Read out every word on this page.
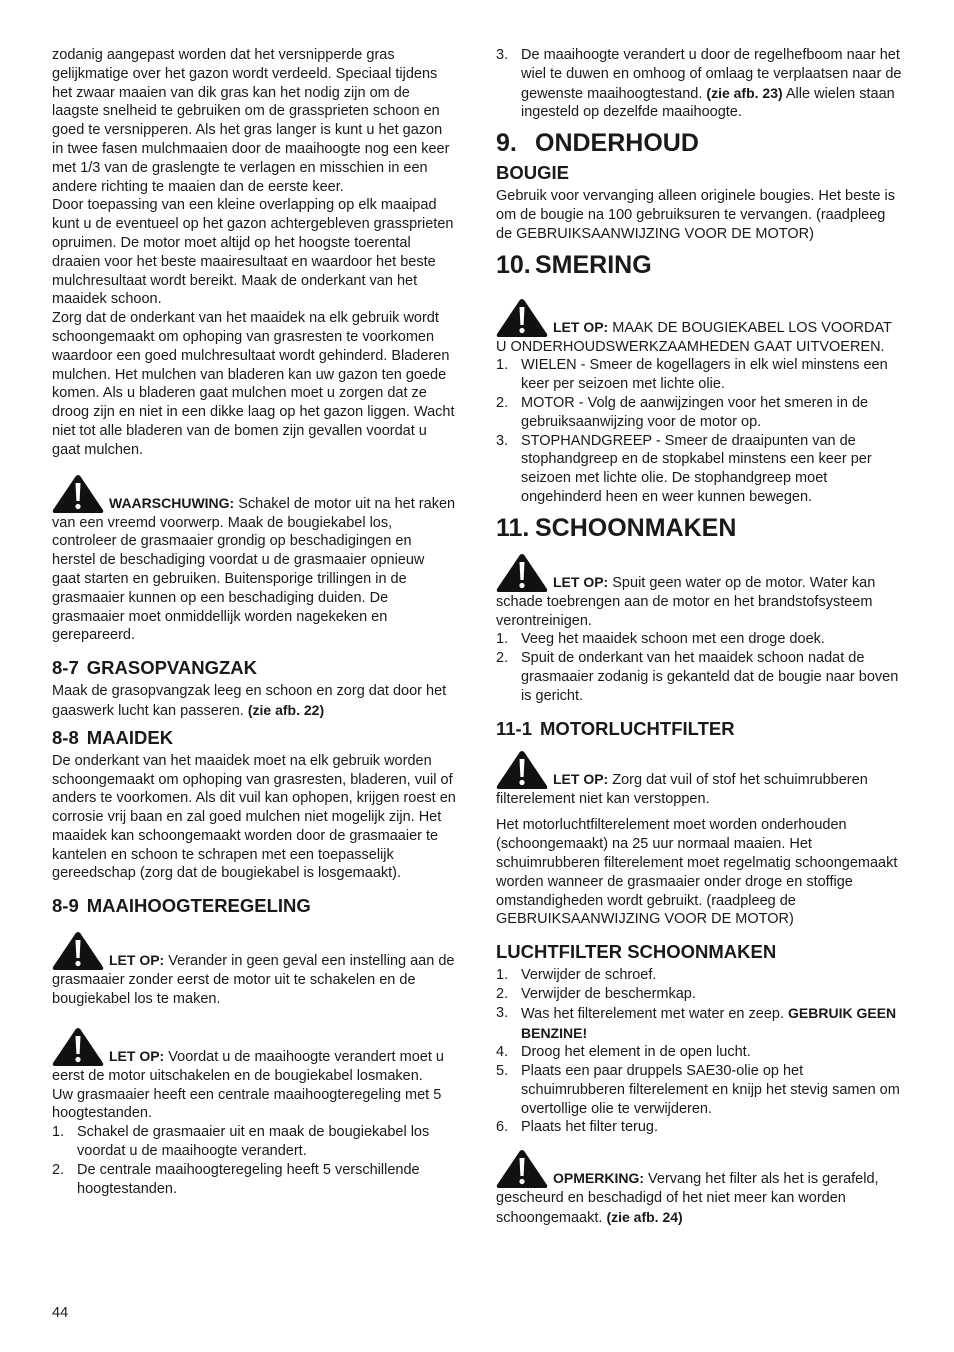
zodanig aangepast worden dat het versnipperde gras gelijkmatige over het gazon wordt verdeeld. Speciaal tijdens het zwaar maaien van dik gras kan het nodig zijn om de laagste snelheid te gebruiken om de grassprieten schoon en goed te versnipperen. Als het gras langer is kunt u het gazon in twee fasen mulchmaaien door de maaihoogte nog een keer met 1/3 van de graslengte te verlagen en misschien in een andere richting te maaien dan de eerste keer.

Door toepassing van een kleine overlapping op elk maaipad kunt u de eventueel op het gazon achtergebleven grassprieten opruimen. De motor moet altijd op het hoogste toerental draaien voor het beste maairesultaat en waardoor het beste mulchresultaat wordt bereikt. Maak de onderkant van het maaidek schoon.

Zorg dat de onderkant van het maaidek na elk gebruik wordt schoongemaakt om ophoping van grasresten te voorkomen waardoor een goed mulchresultaat wordt gehinderd. Bladeren mulchen. Het mulchen van bladeren kan uw gazon ten goede komen. Als u bladeren gaat mulchen moet u zorgen dat ze droog zijn en niet in een dikke laag op het gazon liggen. Wacht niet tot alle bladeren van de bomen zijn gevallen voordat u gaat mulchen.

WAARSCHUWING: Schakel de motor uit na het raken van een vreemd voorwerp. Maak de bougiekabel los, controleer de grasmaaier grondig op beschadigingen en herstel de beschadiging voordat u de grasmaaier opnieuw gaat starten en gebruiken. Buitensporige trillingen in de grasmaaier kunnen op een beschadiging duiden. De grasmaaier moet onmiddellijk worden nagekeken en gerepareerd.
8-7 GRASOPVANGZAK

Maak de grasopvangzak leeg en schoon en zorg dat door het gaaswerk lucht kan passeren. (zie afb. 22)

8-8 MAAIDEK

De onderkant van het maaidek moet na elk gebruik worden schoongemaakt om ophoping van grasresten, bladeren, vuil of anders te voorkomen. Als dit vuil kan ophopen, krijgen roest en corrosie vrij baan en zal goed mulchen niet mogelijk zijn. Het maaidek kan schoongemaakt worden door de grasmaaier te kantelen en schoon te schrapen met een toepasselijk gereedschap (zorg dat de bougiekabel is losgemaakt).

8-9 MAAIHOOGTEREGELING
LET OP: Verander in geen geval een instelling aan de grasmaaier zonder eerst de motor uit te schakelen en de bougiekabel los te maken.
LET OP: Voordat u de maaihoogte verandert moet u eerst de motor uitschakelen en de bougiekabel losmaken.

Uw grasmaaier heeft een centrale maaihoogteregeling met 5 hoogtestanden.

1. Schakel de grasmaaier uit en maak de bougiekabel los voordat u de maaihoogte verandert.
2. De centrale maaihoogteregeling heeft 5 verschillende hoogtestanden.
3. De maaihoogte verandert u door de regelhefboom naar het wiel te duwen en omhoog of omlaag te verplaatsen naar de gewenste maaihoogtestand. (zie afb. 23) Alle wielen staan ingesteld op dezelfde maaihoogte.
9. ONDERHOUD
BOUGIE

Gebruik voor vervanging alleen originele bougies. Het beste is om de bougie na 100 gebruiksuren te vervangen. (raadpleeg de GEBRUIKSAANWIJZING VOOR DE MOTOR)

10. SMERING
LET OP: MAAK DE BOUGIEKABEL LOS VOORDAT U ONDERHOUDSWERKZAAMHEDEN GAAT UITVOEREN.
1. WIELEN - Smeer de kogellagers in elk wiel minstens een keer per seizoen met lichte olie.
2. MOTOR - Volg de aanwijzingen voor het smeren in de gebruiksaanwijzing voor de motor op.
3. STOPHANDGREEP - Smeer de draaipunten van de stophandgreep en de stopkabel minstens een keer per seizoen met lichte olie. De stophandgreep moet ongehinderd heen en weer kunnen bewegen.
11. SCHOONMAKEN
LET OP: Spuit geen water op de motor. Water kan schade toebrengen aan de motor en het brandstofsysteem verontreinigen.
1. Veeg het maaidek schoon met een droge doek.
2. Spuit de onderkant van het maaidek schoon nadat de grasmaaier zodanig is gekanteld dat de bougie naar boven is gericht.
11-1 MOTORLUCHTFILTER
LET OP: Zorg dat vuil of stof het schuimrubberen filterelement niet kan verstoppen.

Het motorluchtfilterelement moet worden onderhouden (schoongemaakt) na 25 uur normaal maaien. Het schuimrubberen filterelement moet regelmatig schoongemaakt worden wanneer de grasmaaier onder droge en stoffige omstandigheden wordt gebruikt. (raadpleeg de GEBRUIKSAANWIJZING VOOR DE MOTOR)

LUCHTFILTER SCHOONMAKEN
1. Verwijder de schroef.
2. Verwijder de beschermkap.
3. Was het filterelement met water en zeep. GEBRUIK GEEN BENZINE!
4. Droog het element in de open lucht.
5. Plaats een paar druppels SAE30-olie op het schuimrubberen filterelement en knijp het stevig samen om overtollige olie te verwijderen.
6. Plaats het filter terug.
OPMERKING: Vervang het filter als het is gerafeld, gescheurd en beschadigd of het niet meer kan worden schoongemaakt. (zie afb. 24)
44
